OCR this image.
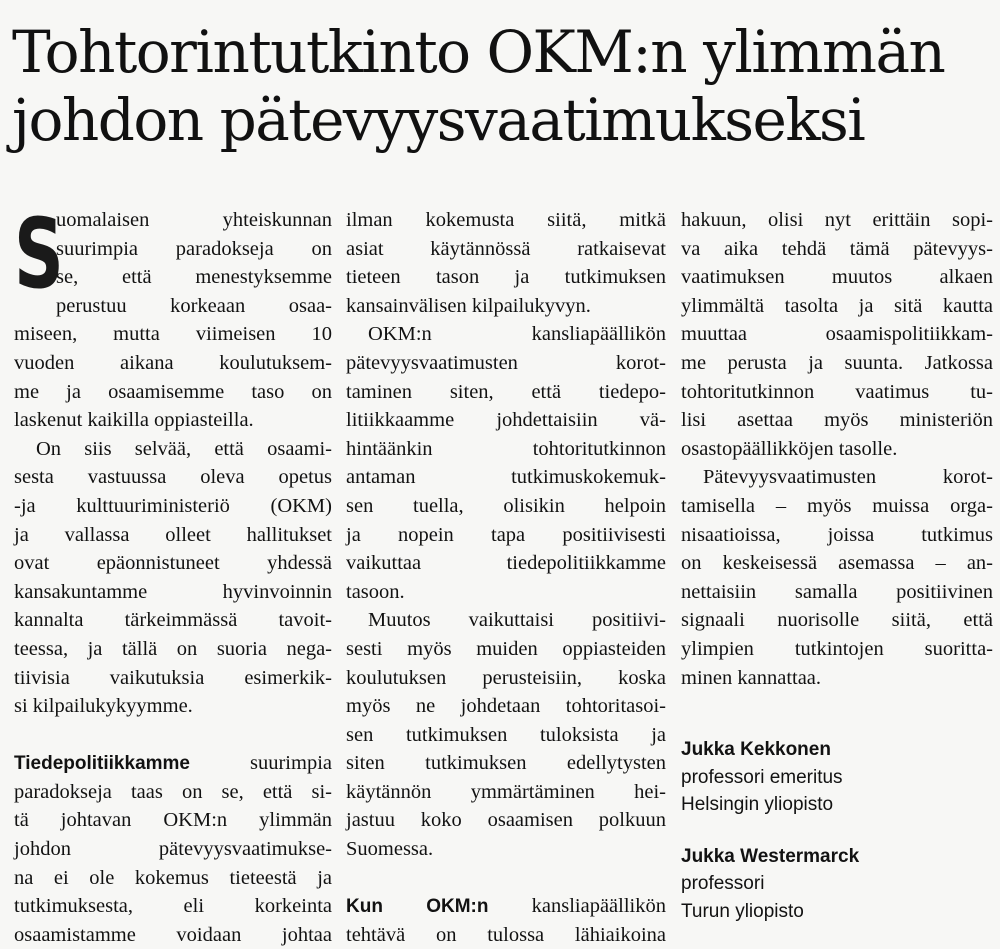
Tohtorintutkinto OKM:n ylimmän
johdon pätevyysvaatimukseksi
S
uomalaisen yhteiskunnan
suurimpia paradokseja on
se, että menestyksemme
perustuu korkeaan osaa-
miseen, mutta viimeisen 10
vuoden aikana koulutuksem-
me ja osaamisemme taso on
laskenut kaikilla oppiasteilla.
On siis selvää, että osaami-
sesta vastuussa oleva opetus
-ja kulttuuriministeriö (OKM)
ja vallassa olleet hallitukset
ovat epäonnistuneet yhdessä
kansakuntamme hyvinvoinnin
kannalta tärkeimmässä tavoit-
teessa, ja tällä on suoria nega-
tiivisia vaikutuksia esimerkik-
si kilpailukykyymme.
Tiedepolitiikkamme suurimpia
paradokseja taas on se, että si-
tä johtavan OKM:n ylimmän
johdon pätevyysvaatimukse-
na ei ole kokemus tieteestä ja
tutkimuksesta, eli korkeinta
osaamistamme voidaan johtaa
ilman kokemusta siitä, mitkä
asiat käytännössä ratkaisevat
tieteen tason ja tutkimuksen
kansainvälisen kilpailukyvyn.
OKM:n kansliapäällikön
pätevyysvaatimusten korot-
taminen siten, että tiedepo-
litiikkaamme johdettaisiin vä-
hintäänkin tohtoritutkinnon
antaman tutkimuskokemuk-
sen tuella, olisikin helpoin
ja nopein tapa positiivisesti
vaikuttaa tiedepolitiikkamme
tasoon.
Muutos vaikuttaisi positiivi-
sesti myös muiden oppiasteiden
koulutuksen perusteisiin, koska
myös ne johdetaan tohtoritasoi-
sen tutkimuksen tuloksista ja
siten tutkimuksen edellytysten
käytännön ymmärtäminen hei-
jastuu koko osaamisen polkuun
Suomessa.
Kun OKM:n kansliapäällikön
tehtävä on tulossa lähiaikoina
hakuun, olisi nyt erittäin sopi-
va aika tehdä tämä pätevyys-
vaatimuksen muutos alkaen
ylimmältä tasolta ja sitä kautta
muuttaa osaamispolitiikkam-
me perusta ja suunta. Jatkossa
tohtoritutkinnon vaatimus tu-
lisi asettaa myös ministeriön
osastopäällikköjen tasolle.
Pätevyysvaatimusten korot-
tamisella – myös muissa orga-
nisaatioissa, joissa tutkimus
on keskeisessä asemassa – an-
nettaisiin samalla positiivinen
signaali nuorisolle siitä, että
ylimpien tutkintojen suoritta-
minen kannattaa.
Jukka Kekkonen
professori emeritus
Helsingin yliopisto
Jukka Westermarck
professori
Turun yliopisto
